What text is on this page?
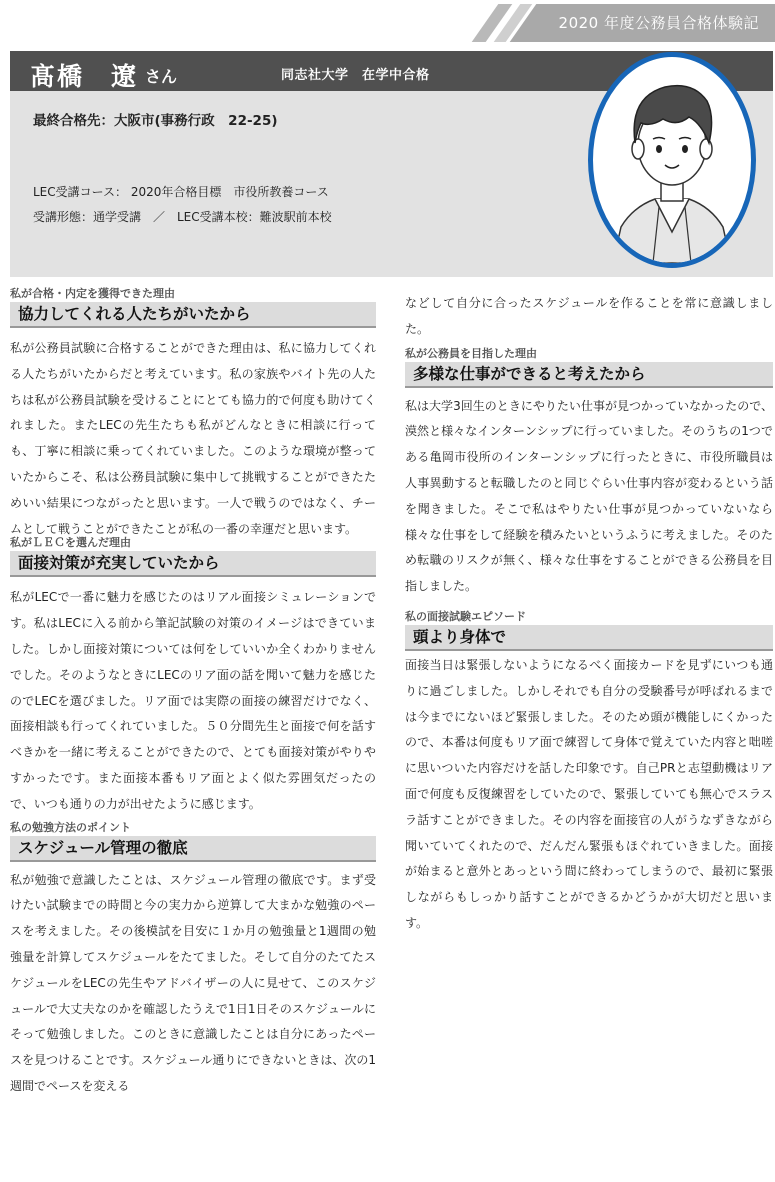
2020 年度公務員合格体験記
髙橋　遼 さん	同志社大学　在学中合格
最終合格先：大阪市(事務行政　22-25)
LEC受講コース： 2020年合格目標　市役所教養コース
受講形態：通学受講　／　LEC受講本校：難波駅前本校
私が合格・内定を獲得できた理由
協力してくれる人たちがいたから

私が公務員試験に合格することができた理由は、私に協力してくれる人たちがいたからだと考えています。私の家族やバイト先の人たちは私が公務員試験を受けることにとても協力的で何度も助けてくれました。またLECの先生たちも私がどんなときに相談に行っても、丁寧に相談に乗ってくれていました。このような環境が整っていたからこそ、私は公務員試験に集中して挑戦することができたためいい結果につながったと思います。一人で戦うのではなく、チームとして戦うことができたことが私の一番の幸運だと思います。

私がＬＥＣを選んだ理由
面接対策が充実していたから

私がLECで一番に魅力を感じたのはリアル面接シミュレーションです。私はLECに入る前から筆記試験の対策のイメージはできていました。しかし面接対策については何をしていいか全くわかりませんでした。そのようなときにLECのリア面の話を聞いて魅力を感じたのでLECを選びました。リア面では実際の面接の練習だけでなく、面接相談も行ってくれていました。５０分間先生と面接で何を話すべきかを一緒に考えることができたので、とても面接対策がやりやすかったです。また面接本番もリア面とよく似た雰囲気だったので、いつも通りの力が出せたように感じます。

私の勉強方法のポイント
スケジュール管理の徹底

私が勉強で意識したことは、スケジュール管理の徹底です。まず受けたい試験までの時間と今の実力から逆算して大まかな勉強のペースを考えました。その後模試を目安に１か月の勉強量と1週間の勉強量を計算してスケジュールをたてました。そして自分のたてたスケジュールをLECの先生やアドバイザーの人に見せて、このスケジュールで大丈夫なのかを確認したうえで1日1日そのスケジュールにそって勉強しました。このときに意識したことは自分にあったペースを見つけることです。スケジュール通りにできないときは、次の1週間でペースを変える

などして自分に合ったスケジュールを作ることを常に意識しました。

私が公務員を目指した理由
多様な仕事ができると考えたから

私は大学3回生のときにやりたい仕事が見つかっていなかったので、漠然と様々なインターンシップに行っていました。そのうちの1つである亀岡市役所のインターンシップに行ったときに、市役所職員は人事異動すると転職したのと同じぐらい仕事内容が変わるという話を聞きました。そこで私はやりたい仕事が見つかっていないなら様々な仕事をして経験を積みたいというふうに考えました。そのため転職のリスクが無く、様々な仕事をすることができる公務員を目指しました。

私の面接試験エピソード
頭より身体で

面接当日は緊張しないようになるべく面接カードを見ずにいつも通りに過ごしました。しかしそれでも自分の受験番号が呼ばれるまでは今までにないほど緊張しました。そのため頭が機能しにくかったので、本番は何度もリア面で練習して身体で覚えていた内容と咄嗟に思いついた内容だけを話した印象です。自己PRと志望動機はリア面で何度も反復練習をしていたので、緊張していても無心でスラスラ話すことができました。その内容を面接官の人がうなずきながら聞いていてくれたので、だんだん緊張もほぐれていきました。面接が始まると意外とあっという間に終わってしまうので、最初に緊張しながらもしっかり話すことができるかどうかが大切だと思います。
